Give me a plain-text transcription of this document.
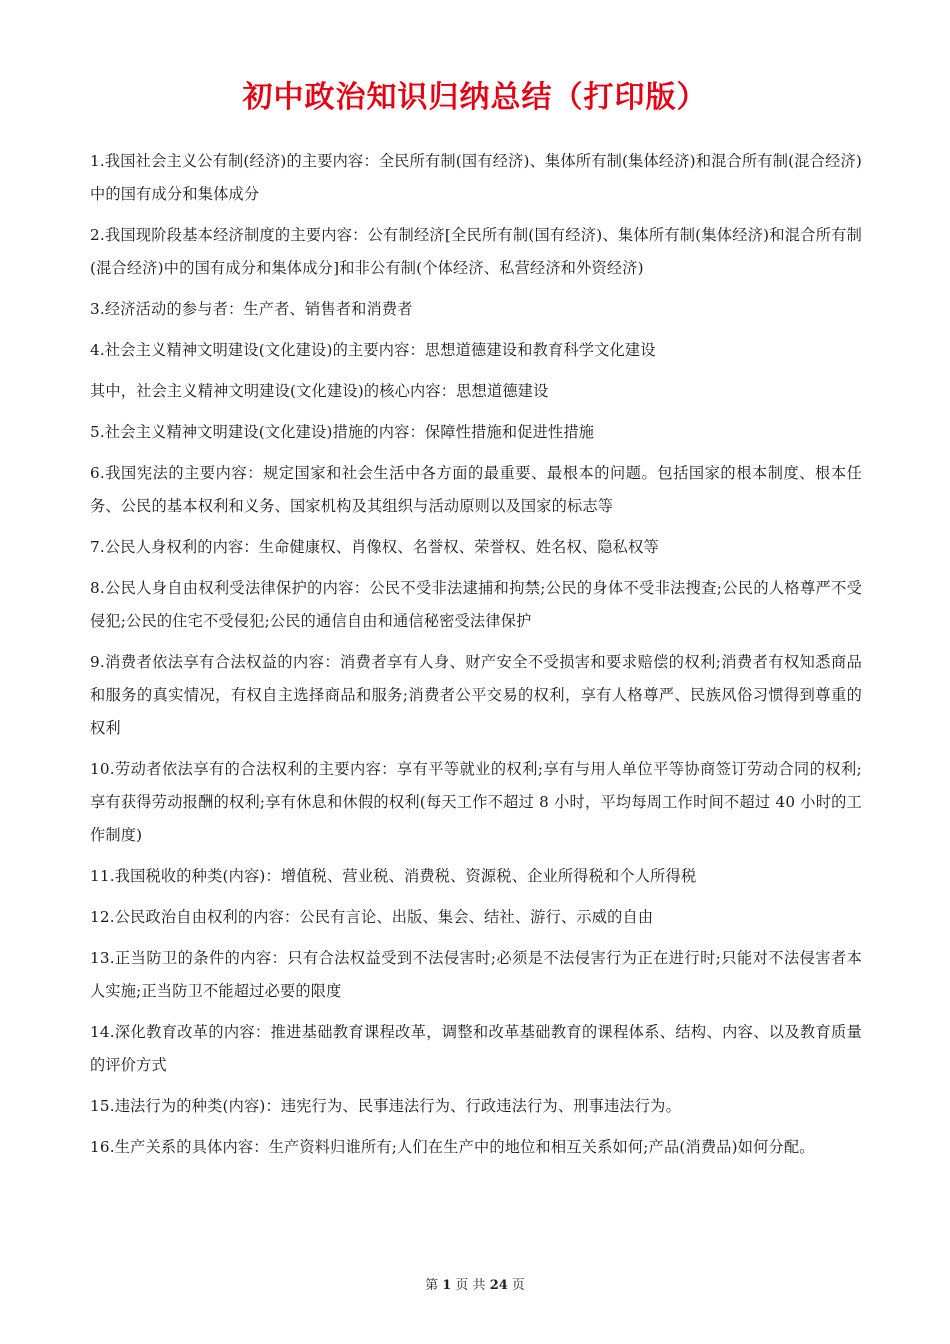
初中政治知识归纳总结（打印版）

1.我国社会主义公有制(经济)的主要内容：全民所有制(国有经济)、集体所有制(集体经济)和混合所有制(混合经济)中的国有成分和集体成分

2.我国现阶段基本经济制度的主要内容：公有制经济[全民所有制(国有经济)、集体所有制(集体经济)和混合所有制(混合经济)中的国有成分和集体成分]和非公有制(个体经济、私营经济和外资经济)

3.经济活动的参与者：生产者、销售者和消费者

4.社会主义精神文明建设(文化建设)的主要内容：思想道德建设和教育科学文化建设

其中，社会主义精神文明建设(文化建设)的核心内容：思想道德建设

5.社会主义精神文明建设(文化建设)措施的内容：保障性措施和促进性措施

6.我国宪法的主要内容：规定国家和社会生活中各方面的最重要、最根本的问题。包括国家的根本制度、根本任务、公民的基本权利和义务、国家机构及其组织与活动原则以及国家的标志等

7.公民人身权利的内容：生命健康权、肖像权、名誉权、荣誉权、姓名权、隐私权等

8.公民人身自由权利受法律保护的内容：公民不受非法逮捕和拘禁;公民的身体不受非法搜查;公民的人格尊严不受侵犯;公民的住宅不受侵犯;公民的通信自由和通信秘密受法律保护

9.消费者依法享有合法权益的内容：消费者享有人身、财产安全不受损害和要求赔偿的权利;消费者有权知悉商品和服务的真实情况，有权自主选择商品和服务;消费者公平交易的权利，享有人格尊严、民族风俗习惯得到尊重的权利

10.劳动者依法享有的合法权利的主要内容：享有平等就业的权利;享有与用人单位平等协商签订劳动合同的权利;享有获得劳动报酬的权利;享有休息和休假的权利(每天工作不超过 8 小时，平均每周工作时间不超过 40 小时的工作制度)

11.我国税收的种类(内容)：增值税、营业税、消费税、资源税、企业所得税和个人所得税

12.公民政治自由权利的内容：公民有言论、出版、集会、结社、游行、示威的自由

13.正当防卫的条件的内容：只有合法权益受到不法侵害时;必须是不法侵害行为正在进行时;只能对不法侵害者本人实施;正当防卫不能超过必要的限度

14.深化教育改革的内容：推进基础教育课程改革，调整和改革基础教育的课程体系、结构、内容、以及教育质量的评价方式

15.违法行为的种类(内容)：违宪行为、民事违法行为、行政违法行为、刑事违法行为。

16.生产关系的具体内容：生产资料归谁所有;人们在生产中的地位和相互关系如何;产品(消费品)如何分配。

第 1 页 共 24 页
